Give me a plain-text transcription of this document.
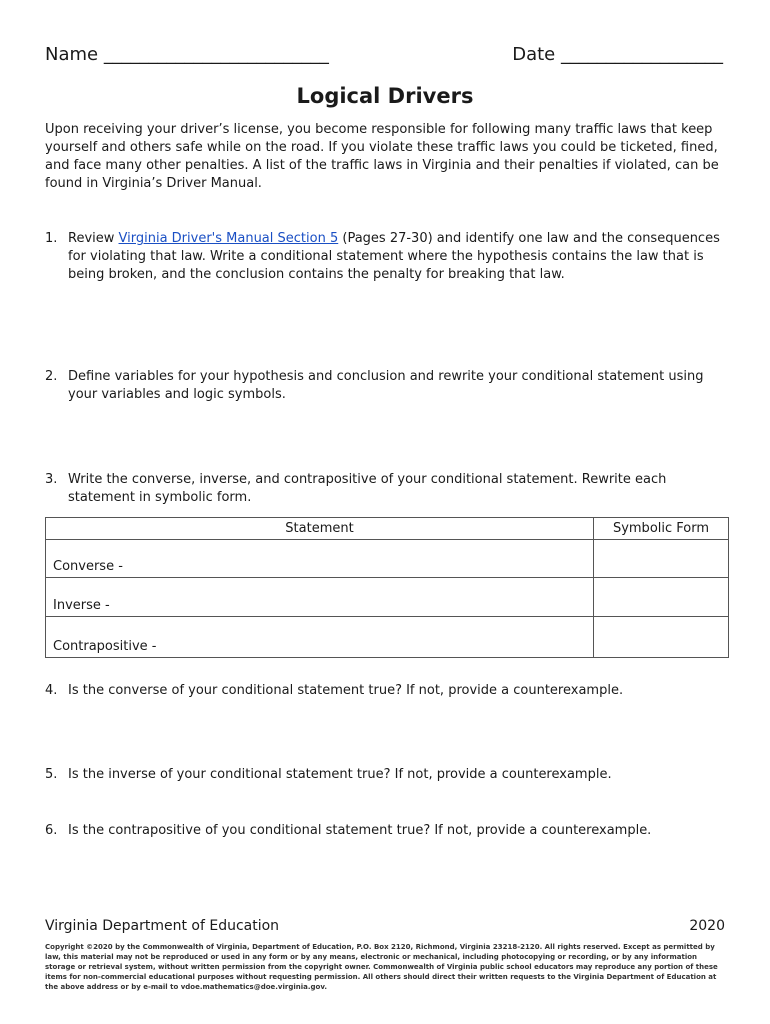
Name _________________________	Date __________________
Logical Drivers
Upon receiving your driver’s license, you become responsible for following many traffic laws that keep yourself and others safe while on the road. If you violate these traffic laws you could be ticketed, fined, and face many other penalties. A list of the traffic laws in Virginia and their penalties if violated, can be found in Virginia’s Driver Manual.
1. Review Virginia Driver's Manual Section 5 (Pages 27-30) and identify one law and the consequences for violating that law. Write a conditional statement where the hypothesis contains the law that is being broken, and the conclusion contains the penalty for breaking that law.
2. Define variables for your hypothesis and conclusion and rewrite your conditional statement using your variables and logic symbols.
3. Write the converse, inverse, and contrapositive of your conditional statement. Rewrite each statement in symbolic form.
Statement	Symbolic Form
Converse -	
Inverse -	
Contrapositive -	
4. Is the converse of your conditional statement true? If not, provide a counterexample.
5. Is the inverse of your conditional statement true? If not, provide a counterexample.
6. Is the contrapositive of you conditional statement true? If not, provide a counterexample.
Virginia Department of Education	2020
Copyright ©2020 by the Commonwealth of Virginia, Department of Education, P.O. Box 2120, Richmond, Virginia 23218-2120. All rights reserved. Except as permitted by law, this material may not be reproduced or used in any form or by any means, electronic or mechanical, including photocopying or recording, or by any information storage or retrieval system, without written permission from the copyright owner. Commonwealth of Virginia public school educators may reproduce any portion of these items for non-commercial educational purposes without requesting permission. All others should direct their written requests to the Virginia Department of Education at the above address or by e-mail to vdoe.mathematics@doe.virginia.gov.
